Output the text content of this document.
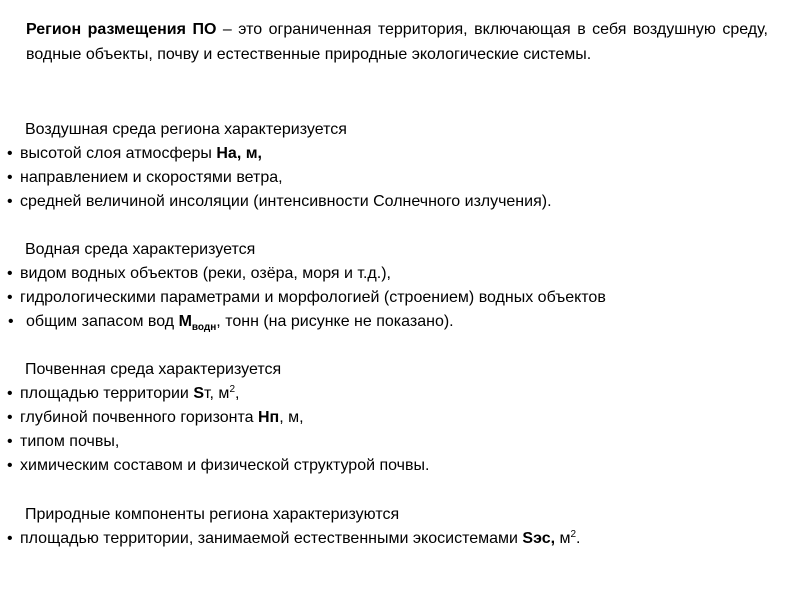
Регион размещения ПО – это ограниченная территория, включающая в себя воздушную среду, водные объекты, почву и естественные природные экологические системы.
Воздушная среда региона характеризуется
• высотой слоя атмосферы На, м,
• направлением и скоростями ветра,
• средней величиной инсоляции (интенсивности Солнечного излучения).
Водная среда характеризуется
• видом водных объектов (реки, озёра, моря и т.д.),
• гидрологическими параметрами и морфологией (строением) водных объектов
• общим запасом вод $М_{водн}$, тонн (на рисунке не показано).
Почвенная среда характеризуется
• площадью территории Sт, $м^2$,
• глубиной почвенного горизонта Нп, м,
• типом почвы,
• химическим составом и физической структурой почвы.
Природные компоненты региона характеризуются
• площадью территории, занимаемой естественными экосистемами Sэс, $м^2$.
